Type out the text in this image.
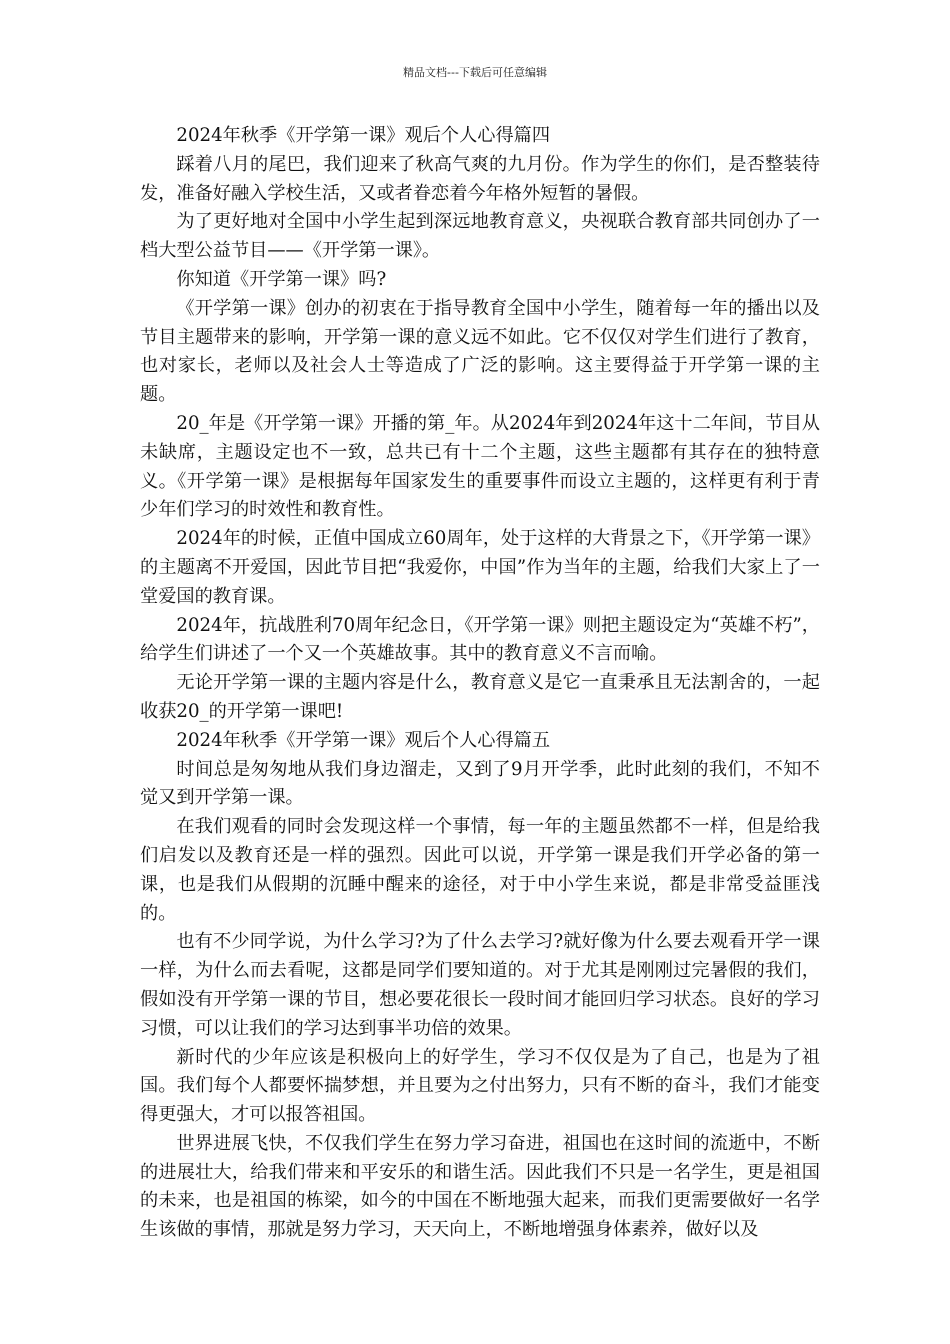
精品文档---下载后可任意编辑

2024年秋季《开学第一课》观后个人心得篇四

踩着八月的尾巴，我们迎来了秋高气爽的九月份。作为学生的你们，是否整装待发，准备好融入学校生活，又或者眷恋着今年格外短暂的暑假。

为了更好地对全国中小学生起到深远地教育意义，央视联合教育部共同创办了一档大型公益节目——《开学第一课》。

你知道《开学第一课》吗?

《开学第一课》创办的初衷在于指导教育全国中小学生，随着每一年的播出以及节目主题带来的影响，开学第一课的意义远不如此。它不仅仅对学生们进行了教育，也对家长，老师以及社会人士等造成了广泛的影响。这主要得益于开学第一课的主题。

20_年是《开学第一课》开播的第_年。从2024年到2024年这十二年间，节目从未缺席，主题设定也不一致，总共已有十二个主题，这些主题都有其存在的独特意义。《开学第一课》是根据每年国家发生的重要事件而设立主题的，这样更有利于青少年们学习的时效性和教育性。

2024年的时候，正值中国成立60周年，处于这样的大背景之下，《开学第一课》的主题离不开爱国，因此节目把“我爱你，中国”作为当年的主题，给我们大家上了一堂爱国的教育课。

2024年，抗战胜利70周年纪念日，《开学第一课》则把主题设定为“英雄不朽”，给学生们讲述了一个又一个英雄故事。其中的教育意义不言而喻。

无论开学第一课的主题内容是什么，教育意义是它一直秉承且无法割舍的，一起收获20_的开学第一课吧!

2024年秋季《开学第一课》观后个人心得篇五

时间总是匆匆地从我们身边溜走，又到了9月开学季，此时此刻的我们，不知不觉又到开学第一课。

在我们观看的同时会发现这样一个事情，每一年的主题虽然都不一样，但是给我们启发以及教育还是一样的强烈。因此可以说，开学第一课是我们开学必备的第一课，也是我们从假期的沉睡中醒来的途径，对于中小学生来说，都是非常受益匪浅的。

也有不少同学说，为什么学习?为了什么去学习?就好像为什么要去观看开学一课一样，为什么而去看呢，这都是同学们要知道的。对于尤其是刚刚过完暑假的我们，假如没有开学第一课的节目，想必要花很长一段时间才能回归学习状态。良好的学习习惯，可以让我们的学习达到事半功倍的效果。

新时代的少年应该是积极向上的好学生，学习不仅仅是为了自己，也是为了祖国。我们每个人都要怀揣梦想，并且要为之付出努力，只有不断的奋斗，我们才能变得更强大，才可以报答祖国。

世界进展飞快，不仅我们学生在努力学习奋进，祖国也在这时间的流逝中，不断的进展壮大，给我们带来和平安乐的和谐生活。因此我们不只是一名学生，更是祖国的未来，也是祖国的栋梁，如今的中国在不断地强大起来，而我们更需要做好一名学生该做的事情，那就是努力学习，天天向上，不断地增强身体素养，做好以及
